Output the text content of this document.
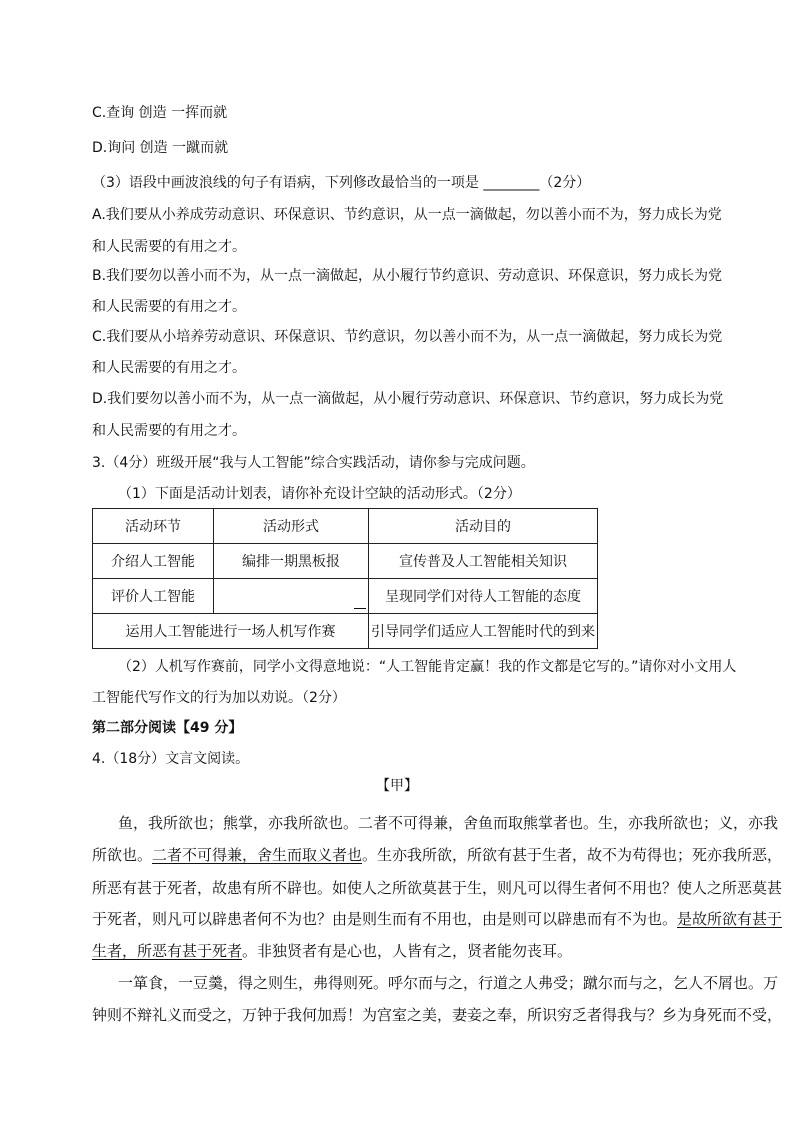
C.查询 创造 一挥而就
D.询问 创造 一蹴而就
（3）语段中画波浪线的句子有语病，下列修改最恰当的一项是 ________（2分）
A.我们要从小养成劳动意识、环保意识、节约意识，从一点一滴做起，勿以善小而不为，努力成长为党
和人民需要的有用之才。
B.我们要勿以善小而不为，从一点一滴做起，从小履行节约意识、劳动意识、环保意识，努力成长为党
和人民需要的有用之才。
C.我们要从小培养劳动意识、环保意识、节约意识，勿以善小而不为，从一点一滴做起，努力成长为党
和人民需要的有用之才。
D.我们要勿以善小而不为，从一点一滴做起，从小履行劳动意识、环保意识、节约意识，努力成长为党
和人民需要的有用之才。
3.（4分）班级开展“我与人工智能”综合实践活动，请你参与完成问题。
（1）下面是活动计划表，请你补充设计空缺的活动形式。（2分）
活动环节	活动形式	活动目的
介绍人工智能	编排一期黑板报	宣传普及人工智能相关知识
评价人工智能		呈现同学们对待人工智能的态度
运用人工智能进行一场人机写作赛		引导同学们适应人工智能时代的到来
（2）人机写作赛前，同学小文得意地说：“人工智能肯定赢！我的作文都是它写的。”请你对小文用人
工智能代写作文的行为加以劝说。（2分）
第二部分阅读【49 分】
4.（18分）文言文阅读。
【甲】
鱼，我所欲也；熊掌，亦我所欲也。二者不可得兼，舍鱼而取熊掌者也。生，亦我所欲也；义，亦我
所欲也。二者不可得兼，舍生而取义者也。生亦我所欲，所欲有甚于生者，故不为苟得也；死亦我所恶，
所恶有甚于死者，故患有所不辟也。如使人之所欲莫甚于生，则凡可以得生者何不用也？使人之所恶莫甚
于死者，则凡可以辟患者何不为也？由是则生而有不用也，由是则可以辟患而有不为也。是故所欲有甚于
生者，所恶有甚于死者。非独贤者有是心也，人皆有之，贤者能勿丧耳。
一箪食，一豆羹，得之则生，弗得则死。呼尔而与之，行道之人弗受；蹴尔而与之，乞人不屑也。万
钟则不辩礼义而受之，万钟于我何加焉！为宫室之美，妻妾之奉，所识穷乏者得我与？乡为身死而不受，
